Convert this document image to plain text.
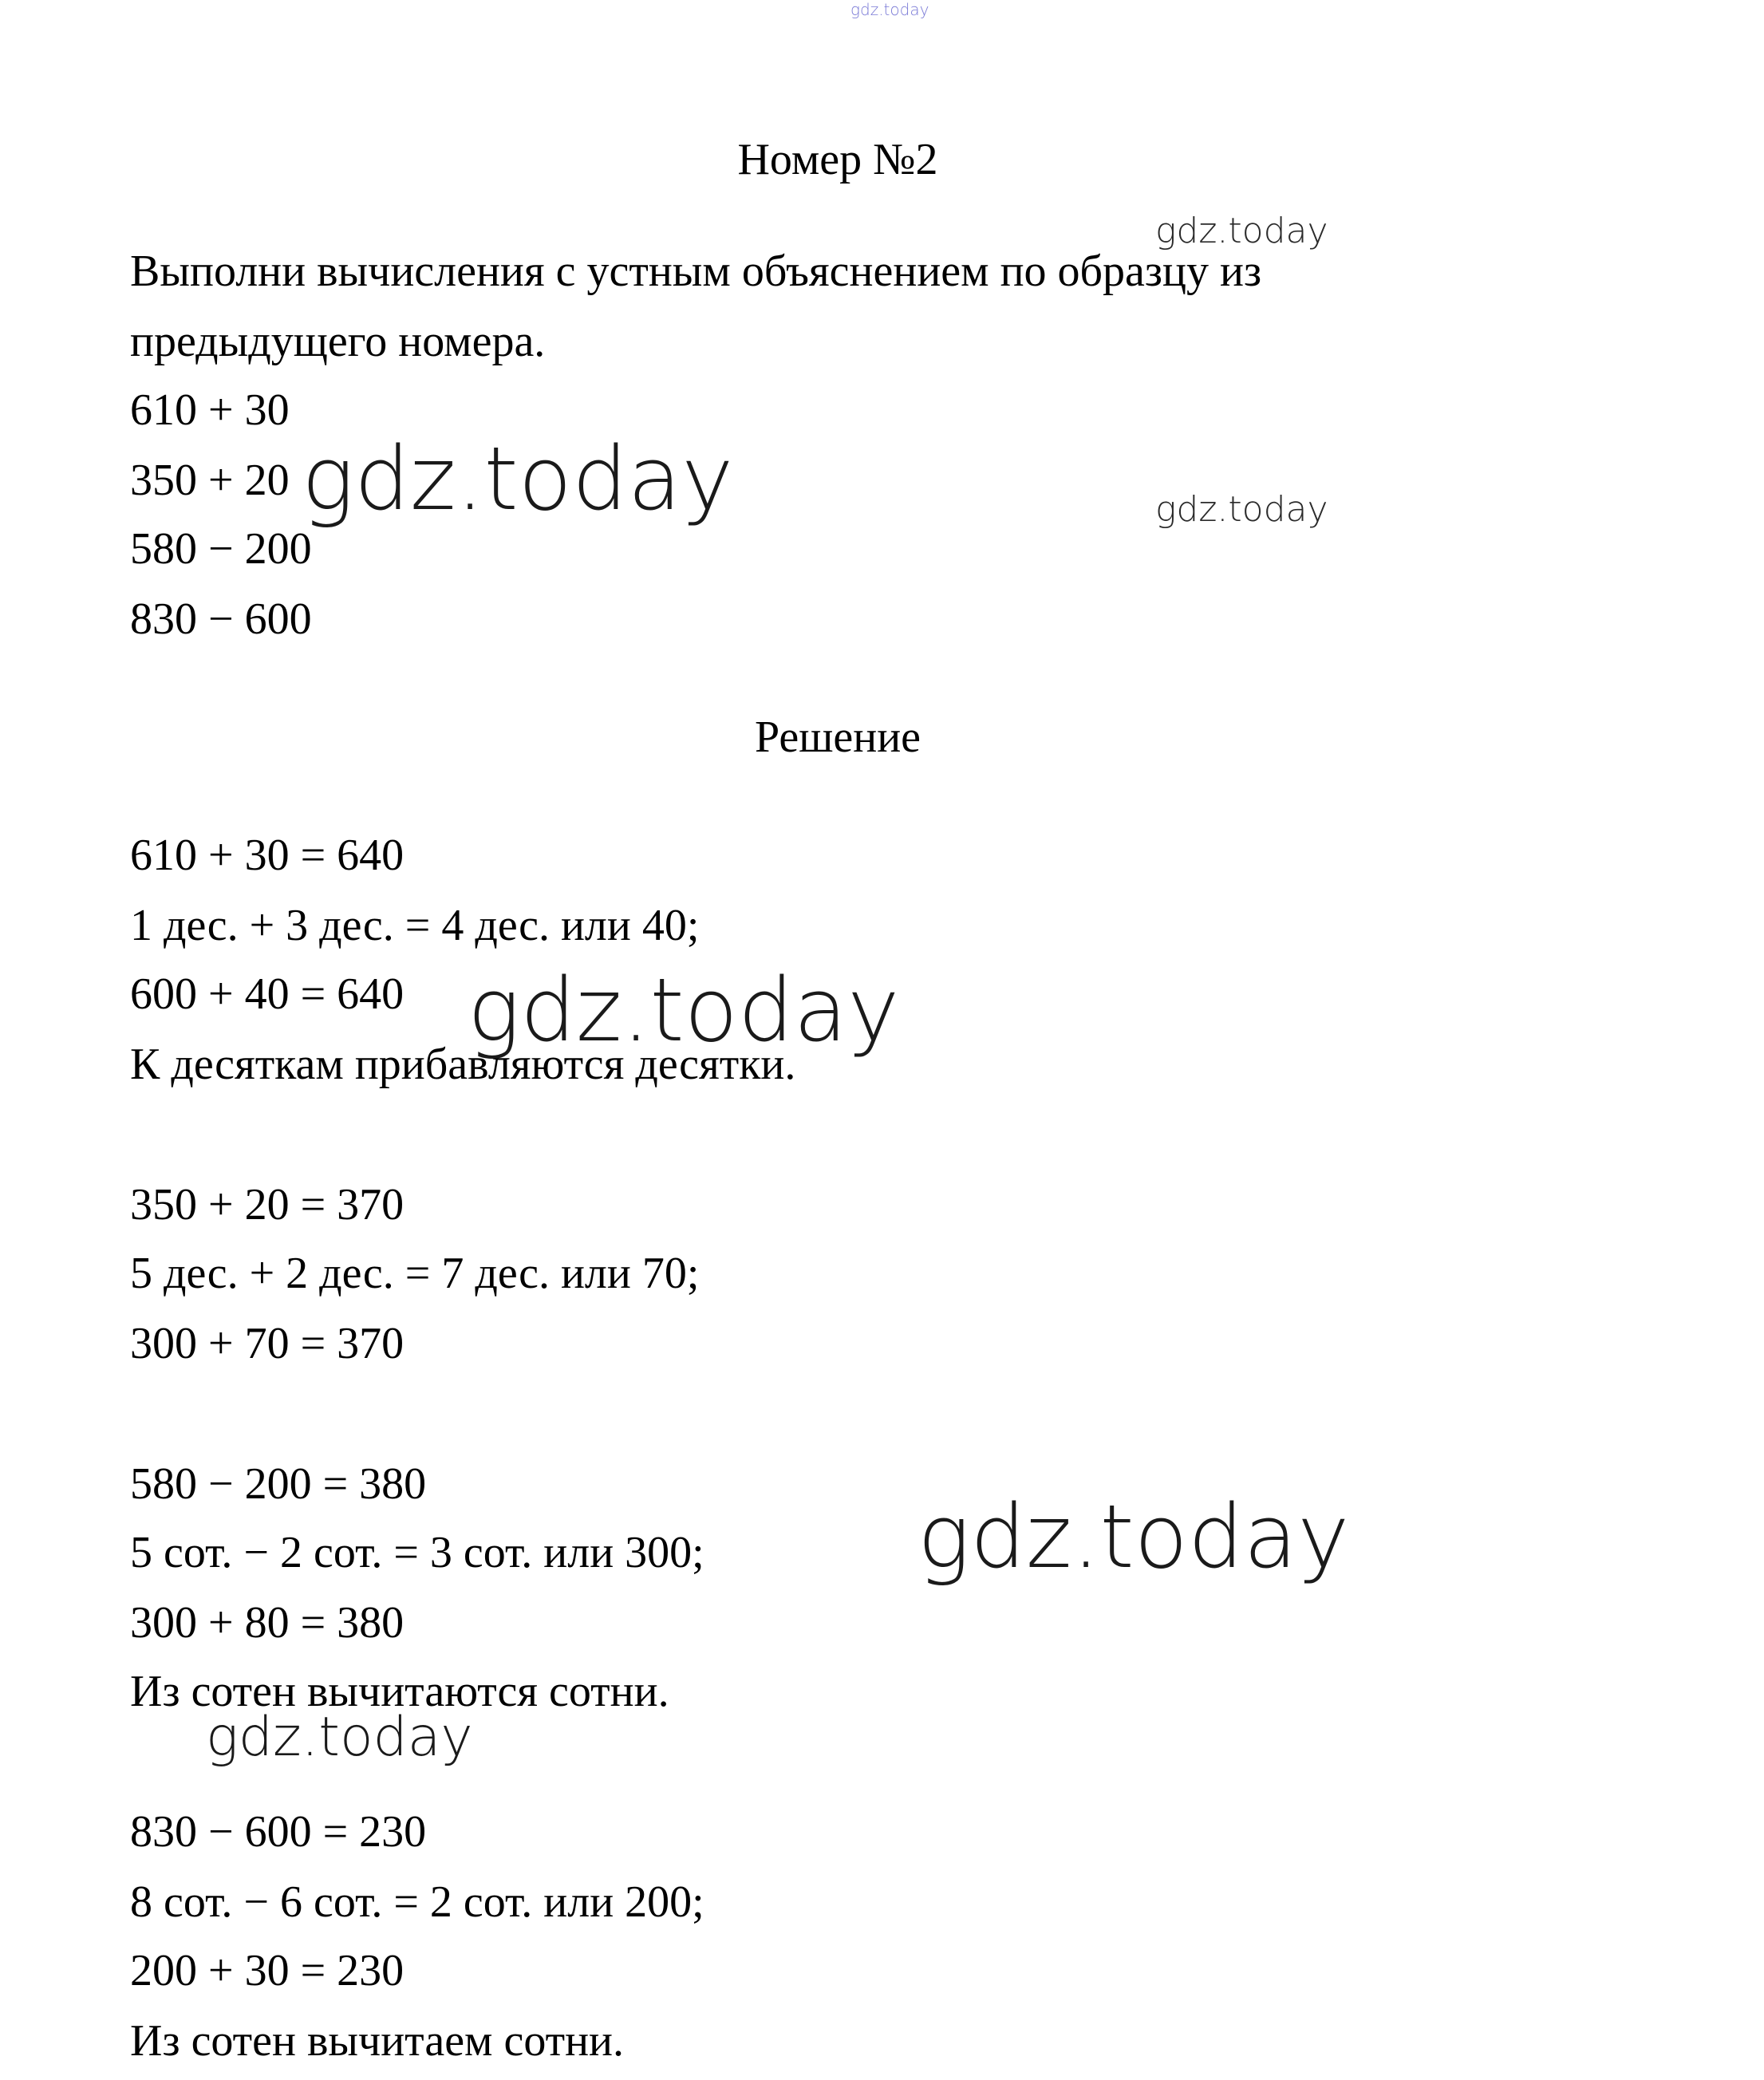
gdz.today
Номер №2
gdz.today
Выполни вычисления с устным объяснением по образцу из
предыдущего номера.
610 + 30
350 + 20
580 − 200
830 − 600
gdz.today	gdz.today
Решение
610 + 30 = 640
1 дес. + 3 дес. = 4 дес. или 40;
600 + 40 = 640
К десяткам прибавляются десятки.
gdz.today
350 + 20 = 370
5 дес. + 2 дес. = 7 дес. или 70;
300 + 70 = 370
580 − 200 = 380
5 сот. − 2 сот. = 3 сот. или 300;
300 + 80 = 380
Из сотен вычитаются сотни.
gdz.today
gdz.today
830 − 600 = 230
8 сот. − 6 сот. = 2 сот. или 200;
200 + 30 = 230
Из сотен вычитаем сотни.
